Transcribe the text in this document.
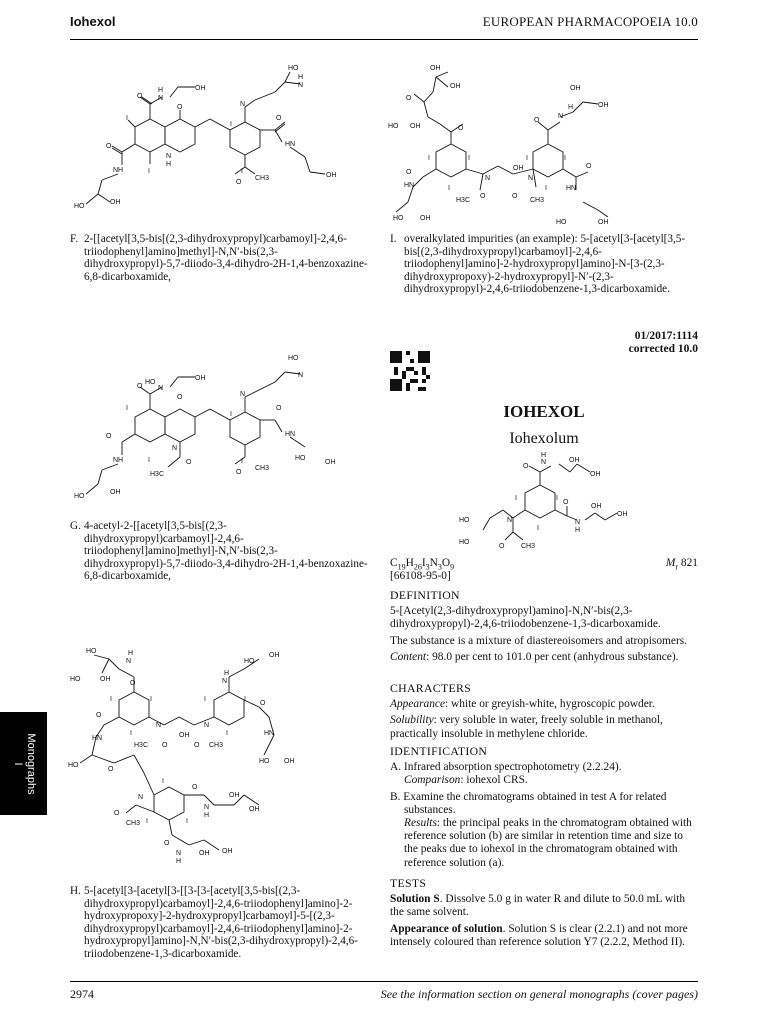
Iohexol	EUROPEAN PHARMACOPOEIA 10.0
I
I
O N
H	OH
O
I
I
N
O
O
CH3
HN
HO
N
H
OH
O
NH
HO
OH
N
H
F. 2-[[acetyl[3,5-bis[(2,3-dihydroxypropyl)carbamoyl]-2,4,6-triiodophenyl]amino]methyl]-N,N′-bis(2,3-dihydroxypropyl)-5,7-diiodo-3,4-dihydro-2H-1,4-benzoxazine-6,8-dicarboxamide,
OH
OH
O
HO OH	O
I	I
I
N
OH
N
H3C
O	O
CH3
I	I
I
O
N
H
OH
OH
O
HN
HN
O
HO OH
HO	OH
I. overalkylated impurities (an example): 5-[acetyl[3-[acetyl[3,5-bis[(2,3-dihydroxypropyl)carbamoyl]-2,4,6-triiodophenyl]amino]-2-hydroxypropyl]amino]-N-[3-(2,3-dihydroxypropoxy)-2-hydroxypropyl]-N′-(2,3-dihydroxypropyl)-2,4,6-triiodobenzene-1,3-dicarboxamide.
I
I
O N
HO
OH
O
I
I
N
O
O
CH3
HN
HO
N
O
NH
HO
OH
N
H3C
O
HO
OH
G. 4-acetyl-2-[[acetyl[3,5-bis[(2,3-dihydroxypropyl)carbamoyl]-2,4,6-triiodophenyl]amino]methyl]-N,N′-bis(2,3-dihydroxypropyl)-5,7-diiodo-3,4-dihydro-2H-1,4-benzoxazine-6,8-dicarboxamide,
HO
N
H
HO	OH
O
I	I
I
O
HN
N
OH
N
H3C O	O CH3
I	I
I
HO
OH
N
H
O
HN
HO OH
HO
O
I
I	I
N
O
CH3
N
H
O
OH
OH
O
N
H
OH OH
H. 5-[acetyl[3-[acetyl[3-[[3-[3-[acetyl[3,5-bis[(2,3-dihydroxypropyl)carbamoyl]-2,4,6-triiodophenyl]amino]-2-hydroxypropoxy]-2-hydroxypropyl]carbamoyl]-5-[(2,3-dihydroxypropyl)carbamoyl]-2,4,6-triiodophenyl]amino]-2-hydroxypropyl]amino]-N,N′-bis(2,3-dihydroxypropyl)-2,4,6-triiodobenzene-1,3-dicarboxamide.
Monographs
I
01/2017:1114
corrected 10.0
IOHEXOL
Iohexolum
N
H
OH
OH
O
I	I
I
O
N
H
OH
OH
N
HO
HO
O CH3
$C_{19}H_{26}I_3N_3O_9$	$M_r$ 821
[66108-95-0]
DEFINITION
5-[Acetyl(2,3-dihydroxypropyl)amino]-N,N′-bis(2,3-dihydroxypropyl)-2,4,6-triiodobenzene-1,3-dicarboxamide.
The substance is a mixture of diastereoisomers and atropisomers.
Content: 98.0 per cent to 101.0 per cent (anhydrous substance).
CHARACTERS
Appearance: white or greyish-white, hygroscopic powder.
Solubility: very soluble in water, freely soluble in methanol, practically insoluble in methylene chloride.
IDENTIFICATION
A. Infrared absorption spectrophotometry (2.2.24).
Comparison: iohexol CRS.
B. Examine the chromatograms obtained in test A for related substances.
Results: the principal peaks in the chromatogram obtained with reference solution (b) are similar in retention time and size to the peaks due to iohexol in the chromatogram obtained with reference solution (a).
TESTS
Solution S. Dissolve 5.0 g in water R and dilute to 50.0 mL with the same solvent.
Appearance of solution. Solution S is clear (2.2.1) and not more intensely coloured than reference solution Y7 (2.2.2, Method II).
2974	See the information section on general monographs (cover pages)
